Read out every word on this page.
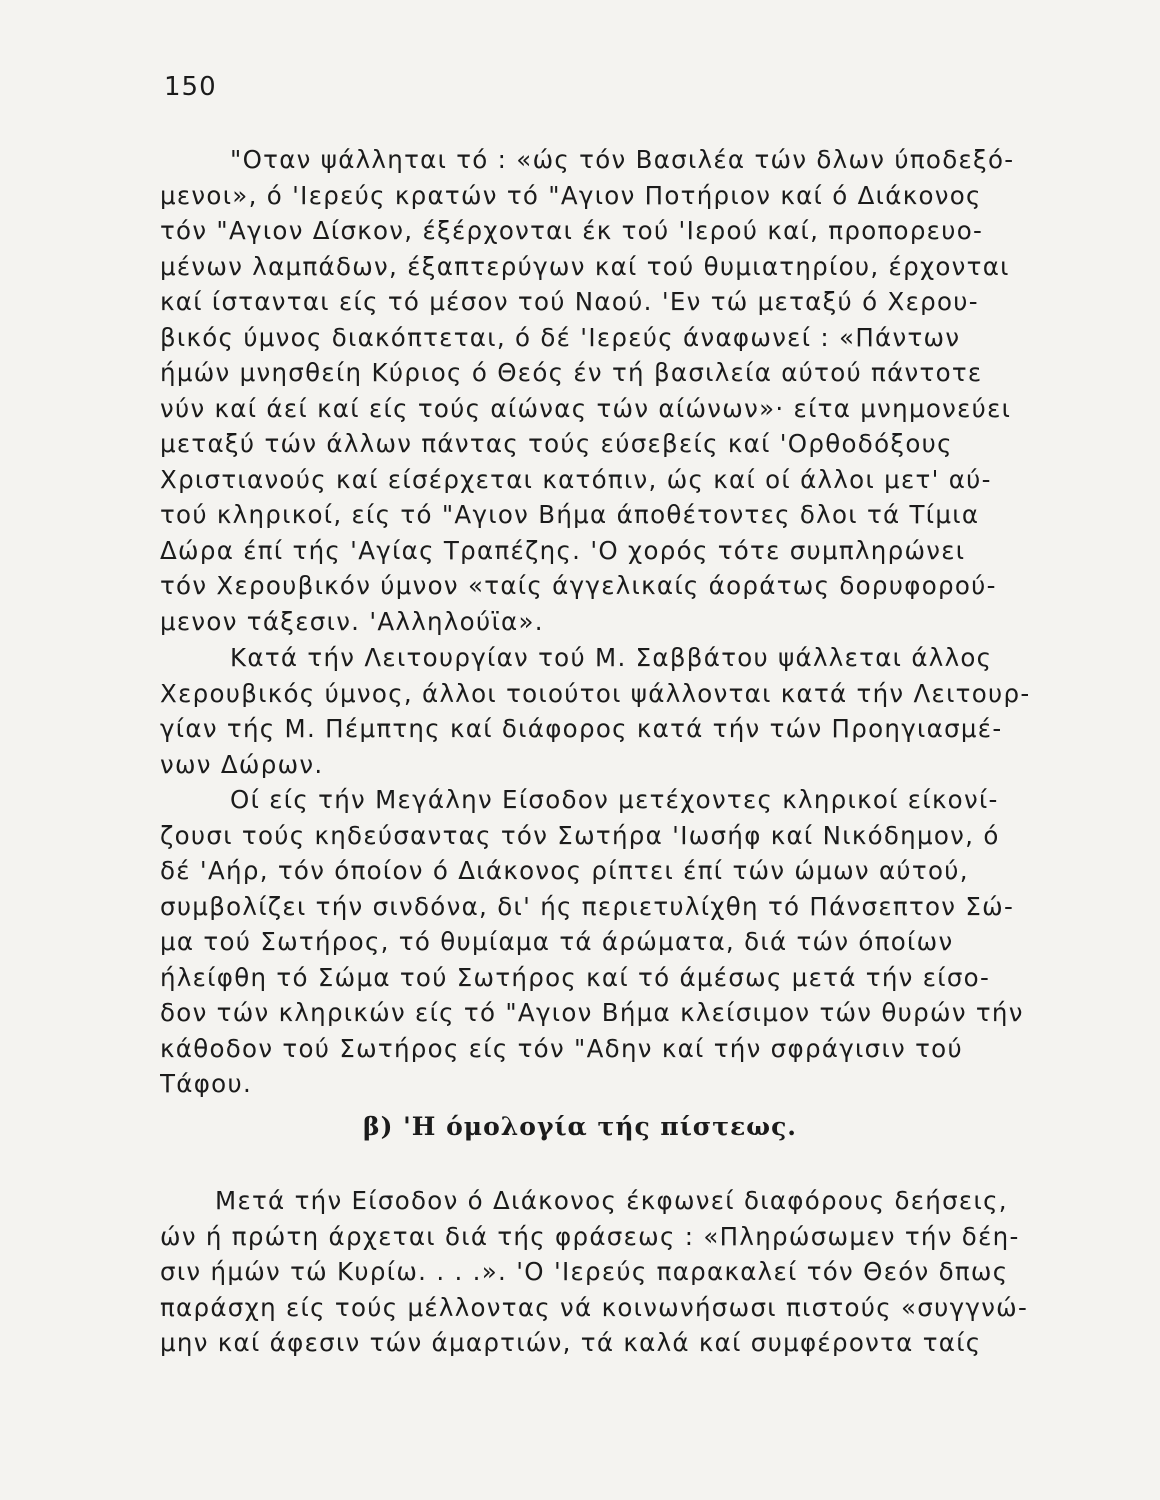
150
"Οταν ψάλληται τό : «ώς τόν Βασιλέα τών δλων ύποδεξό-
μενοι», ό 'Ιερεύς κρατών τό "Αγιον Ποτήριον καί ό Διάκονος
τόν "Αγιον Δίσκον, έξέρχονται έκ τού 'Ιερού καί, προπορευο-
μένων λαμπάδων, έξαπτερύγων καί τού θυμιατηρίου, έρχονται
καί ίστανται είς τό μέσον τού Ναού. 'Εν τώ μεταξύ ό Χερου-
βικός ύμνος διακόπτεται, ό δέ 'Ιερεύς άναφωνεί : «Πάντων
ήμών μνησθείη Κύριος ό Θεός έν τή βασιλεία αύτού πάντοτε
νύν καί άεί καί είς τούς αίώνας τών αίώνων»· είτα μνημονεύει
μεταξύ τών άλλων πάντας τούς εύσεβείς καί 'Ορθοδόξους
Χριστιανούς καί είσέρχεται κατόπιν, ώς καί οί άλλοι μετ' αύ-
τού κληρικοί, είς τό "Αγιον Βήμα άποθέτοντες δλοι τά Τίμια
Δώρα έπί τής 'Αγίας Τραπέζης. 'Ο χορός τότε συμπληρώνει
τόν Χερουβικόν ύμνον «ταίς άγγελικαίς άοράτως δορυφορού-
μενον τάξεσιν. 'Αλληλούϊα».
Κατά τήν Λειτουργίαν τού Μ. Σαββάτου ψάλλεται άλλος
Χερουβικός ύμνος, άλλοι τοιούτοι ψάλλονται κατά τήν Λειτουρ-
γίαν τής Μ. Πέμπτης καί διάφορος κατά τήν τών Προηγιασμέ-
νων Δώρων.
Οί είς τήν Μεγάλην Είσοδον μετέχοντες κληρικοί είκονί-
ζουσι τούς κηδεύσαντας τόν Σωτήρα 'Ιωσήφ καί Νικόδημον, ό
δέ 'Αήρ, τόν όποίον ό Διάκονος ρίπτει έπί τών ώμων αύτού,
συμβολίζει τήν σινδόνα, δι' ής περιετυλίχθη τό Πάνσεπτον Σώ-
μα τού Σωτήρος, τό θυμίαμα τά άρώματα, διά τών όποίων
ήλείφθη τό Σώμα τού Σωτήρος καί τό άμέσως μετά τήν είσο-
δον τών κληρικών είς τό "Αγιον Βήμα κλείσιμον τών θυρών τήν
κάθοδον τού Σωτήρος είς τόν "Αδην καί τήν σφράγισιν τού
Τάφου.
β) 'Η όμολογία τής πίστεως.
Μετά τήν Είσοδον ό Διάκονος έκφωνεί διαφόρους δεήσεις,
ών ή πρώτη άρχεται διά τής φράσεως : «Πληρώσωμεν τήν δέη-
σιν ήμών τώ Κυρίω. . . .». 'Ο 'Ιερεύς παρακαλεί τόν Θεόν δπως
παράσχη είς τούς μέλλοντας νά κοινωνήσωσι πιστούς «συγγνώ-
μην καί άφεσιν τών άμαρτιών, τά καλά καί συμφέροντα ταίς
